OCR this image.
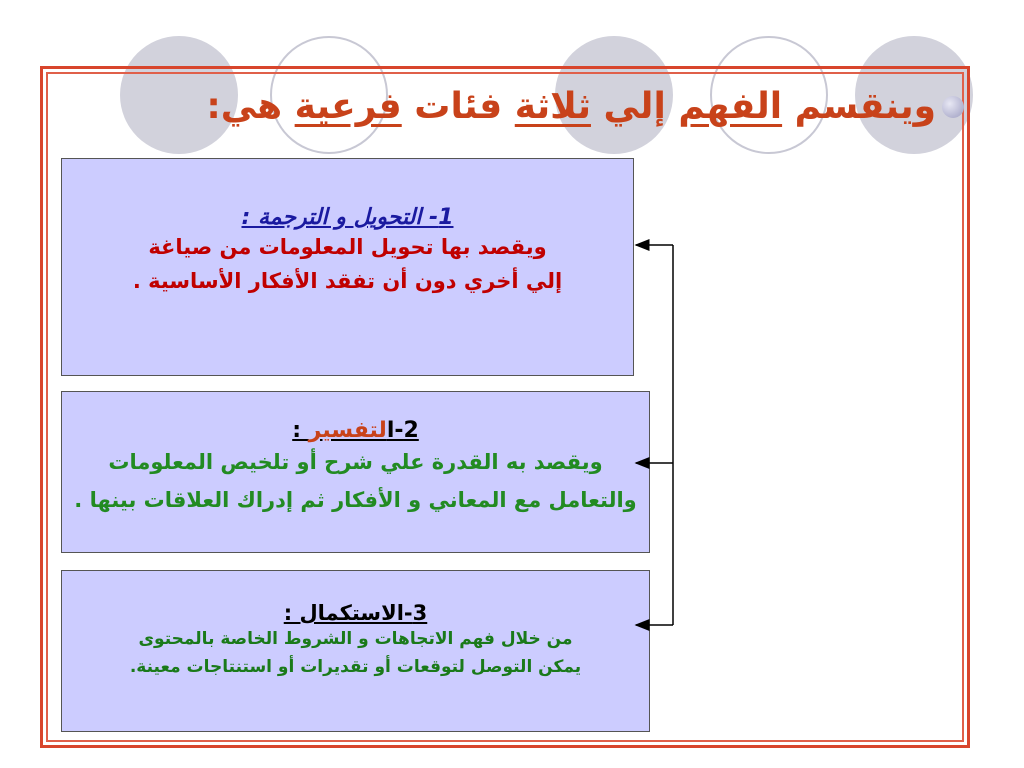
وينقسم الفهم إلي ثلاثة فئات فرعية هي:
1- التحويل و الترجمة :
ويقصد بها تحويل المعلومات من صياغة
إلي أخري دون أن تفقد الأفكار الأساسية .
2-التفسير :
ويقصد به القدرة علي شرح أو تلخيص المعلومات
والتعامل مع المعاني و الأفكار ثم إدراك العلاقات بينها .
3-الاستكمال :
من خلال فهم الاتجاهات و الشروط الخاصة بالمحتوى
يمكن التوصل لتوقعات أو تقديرات أو استنتاجات معينة.
